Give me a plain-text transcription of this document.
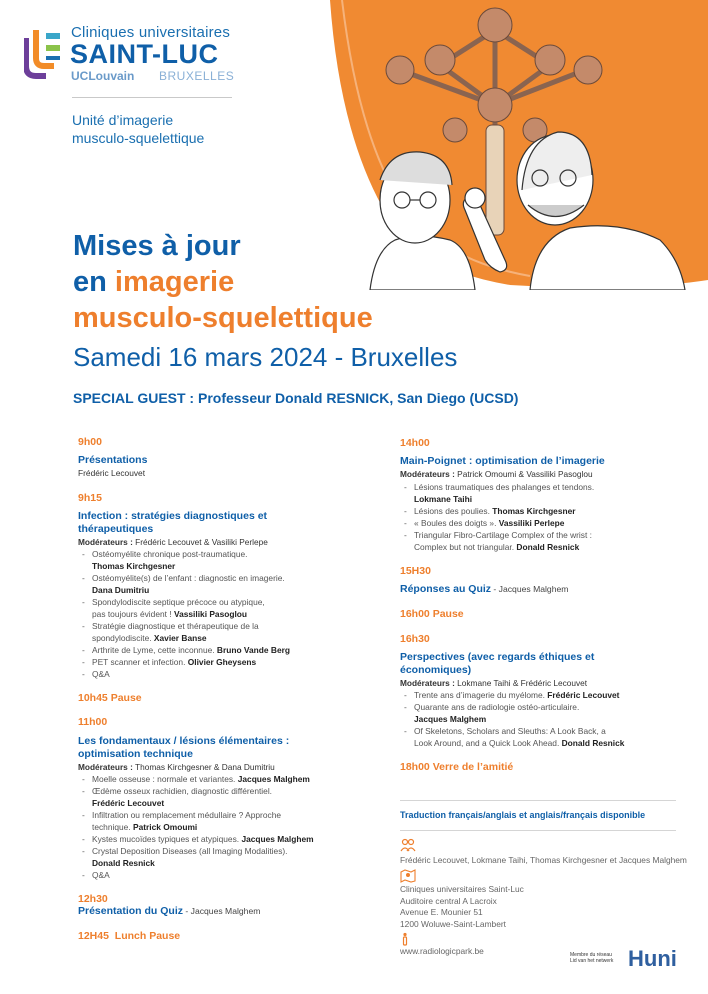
Cliniques universitaires
SAINT-LUC
UCLouvain BRUXELLES
Unité d’imagerie
musculo-squelettique
Mises à jour
en imagerie
musculo-squelettique
Samedi 16 mars 2024 - Bruxelles
SPECIAL GUEST : Professeur Donald RESNICK, San Diego (UCSD)
9h00
Présentations
Frédéric Lecouvet
9h15
Infection : stratégies diagnostiques et
thérapeutiques
Modérateurs : Frédéric Lecouvet & Vasiliki Perlepe
- Ostéomyélite chronique post-traumatique.
Thomas Kirchgesner
- Ostéomyélite(s) de l’enfant : diagnostic en imagerie.
Dana Dumitriu
- Spondylodiscite septique précoce ou atypique,
pas toujours évident ! Vassiliki Pasoglou
- Stratégie diagnostique et thérapeutique de la
spondylodiscite. Xavier Banse
- Arthrite de Lyme, cette inconnue. Bruno Vande Berg
- PET scanner et infection. Olivier Gheysens
- Q&A
10h45 Pause
11h00
Les fondamentaux / lésions élémentaires :
optimisation technique
Modérateurs : Thomas Kirchgesner & Dana Dumitriu
- Moelle osseuse : normale et variantes. Jacques Malghem
- Œdème osseux rachidien, diagnostic différentiel.
Frédéric Lecouvet
- Infiltration ou remplacement médullaire ? Approche
technique. Patrick Omoumi
- Kystes mucoïdes typiques et atypiques. Jacques Malghem
- Crystal Deposition Diseases (all Imaging Modalities).
Donald Resnick
- Q&A
12h30
Présentation du Quiz - Jacques Malghem
12H45 Lunch Pause
14h00
Main-Poignet : optimisation de l’imagerie
Modérateurs : Patrick Omoumi & Vassiliki Pasoglou
- Lésions traumatiques des phalanges et tendons.
Lokmane Taihi
- Lésions des poulies. Thomas Kirchgesner
- « Boules des doigts ». Vassiliki Perlepe
- Triangular Fibro-Cartilage Complex of the wrist :
Complex but not triangular. Donald Resnick
15H30
Réponses au Quiz - Jacques Malghem
16h00 Pause
16h30
Perspectives (avec regards éthiques et
économiques)
Modérateurs : Lokmane Taihi & Frédéric Lecouvet
- Trente ans d’imagerie du myélome. Frédéric Lecouvet
- Quarante ans de radiologie ostéo-articulaire.
Jacques Malghem
- Of Skeletons, Scholars and Sleuths: A Look Back, a
Look Around, and a Quick Look Ahead. Donald Resnick
18h00 Verre de l’amitié
Traduction français/anglais et anglais/français disponible
Frédéric Lecouvet, Lokmane Taihi, Thomas Kirchgesner et Jacques Malghem
Cliniques universitaires Saint-Luc
Auditoire central A Lacroix
Avenue E. Mounier 51
1200 Woluwe-Saint-Lambert
www.radiologicpark.be	Membre du réseau
Lid van het netwerk Huni
